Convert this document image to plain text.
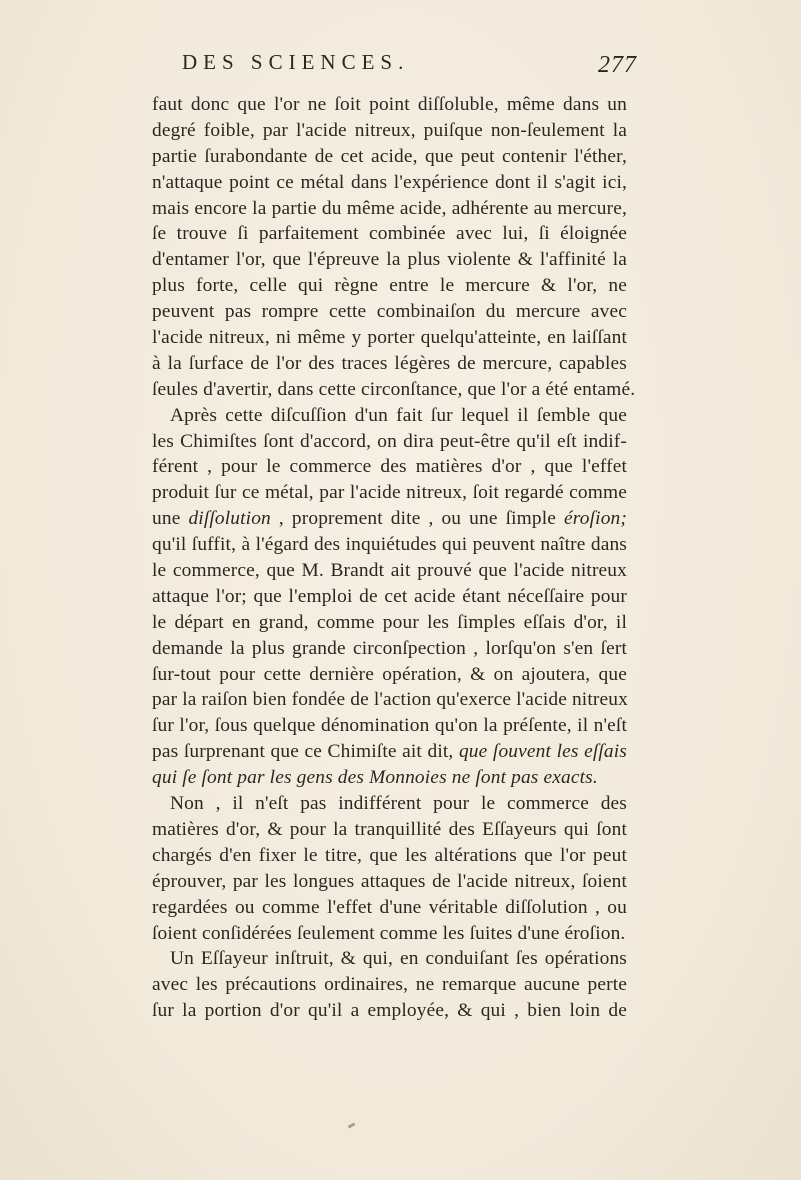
DES SCIENCES.	277
faut donc que l'or ne ſoit point diſſoluble, même dans un
degré foible, par l'acide nitreux, puiſque non-ſeulement la
partie ſurabondante de cet acide, que peut contenir l'éther,
n'attaque point ce métal dans l'expérience dont il s'agit ici,
mais encore la partie du même acide, adhérente au mercure,
ſe trouve ſi parfaitement combinée avec lui, ſi éloignée
d'entamer l'or, que l'épreuve la plus violente & l'affinité la
plus forte, celle qui règne entre le mercure & l'or, ne
peuvent pas rompre cette combinaiſon du mercure avec
l'acide nitreux, ni même y porter quelqu'atteinte, en laiſſant
à la ſurface de l'or des traces légères de mercure, capables
ſeules d'avertir, dans cette circonſtance, que l'or a été entamé.
Après cette diſcuſſion d'un fait ſur lequel il ſemble que
les Chimiſtes ſont d'accord, on dira peut-être qu'il eſt indif-
férent , pour le commerce des matières d'or , que l'effet
produit ſur ce métal, par l'acide nitreux, ſoit regardé comme
une diſſolution , proprement dite , ou une ſimple éroſion;
qu'il ſuffit, à l'égard des inquiétudes qui peuvent naître dans
le commerce, que M. Brandt ait prouvé que l'acide nitreux
attaque l'or; que l'emploi de cet acide étant néceſſaire pour
le départ en grand, comme pour les ſimples eſſais d'or, il
demande la plus grande circonſpection , lorſqu'on s'en ſert
ſur-tout pour cette dernière opération, & on ajoutera, que
par la raiſon bien fondée de l'action qu'exerce l'acide nitreux
ſur l'or, ſous quelque dénomination qu'on la préſente, il n'eſt
pas ſurprenant que ce Chimiſte ait dit, que ſouvent les eſſais
qui ſe ſont par les gens des Monnoies ne ſont pas exacts.
Non , il n'eſt pas indifférent pour le commerce des
matières d'or, & pour la tranquillité des Eſſayeurs qui ſont
chargés d'en fixer le titre, que les altérations que l'or peut
éprouver, par les longues attaques de l'acide nitreux, ſoient
regardées ou comme l'effet d'une véritable diſſolution , ou
ſoient conſidérées ſeulement comme les ſuites d'une éroſion.
Un Eſſayeur inſtruit, & qui, en conduiſant ſes opérations
avec les précautions ordinaires, ne remarque aucune perte
ſur la portion d'or qu'il a employée, & qui , bien loin de
